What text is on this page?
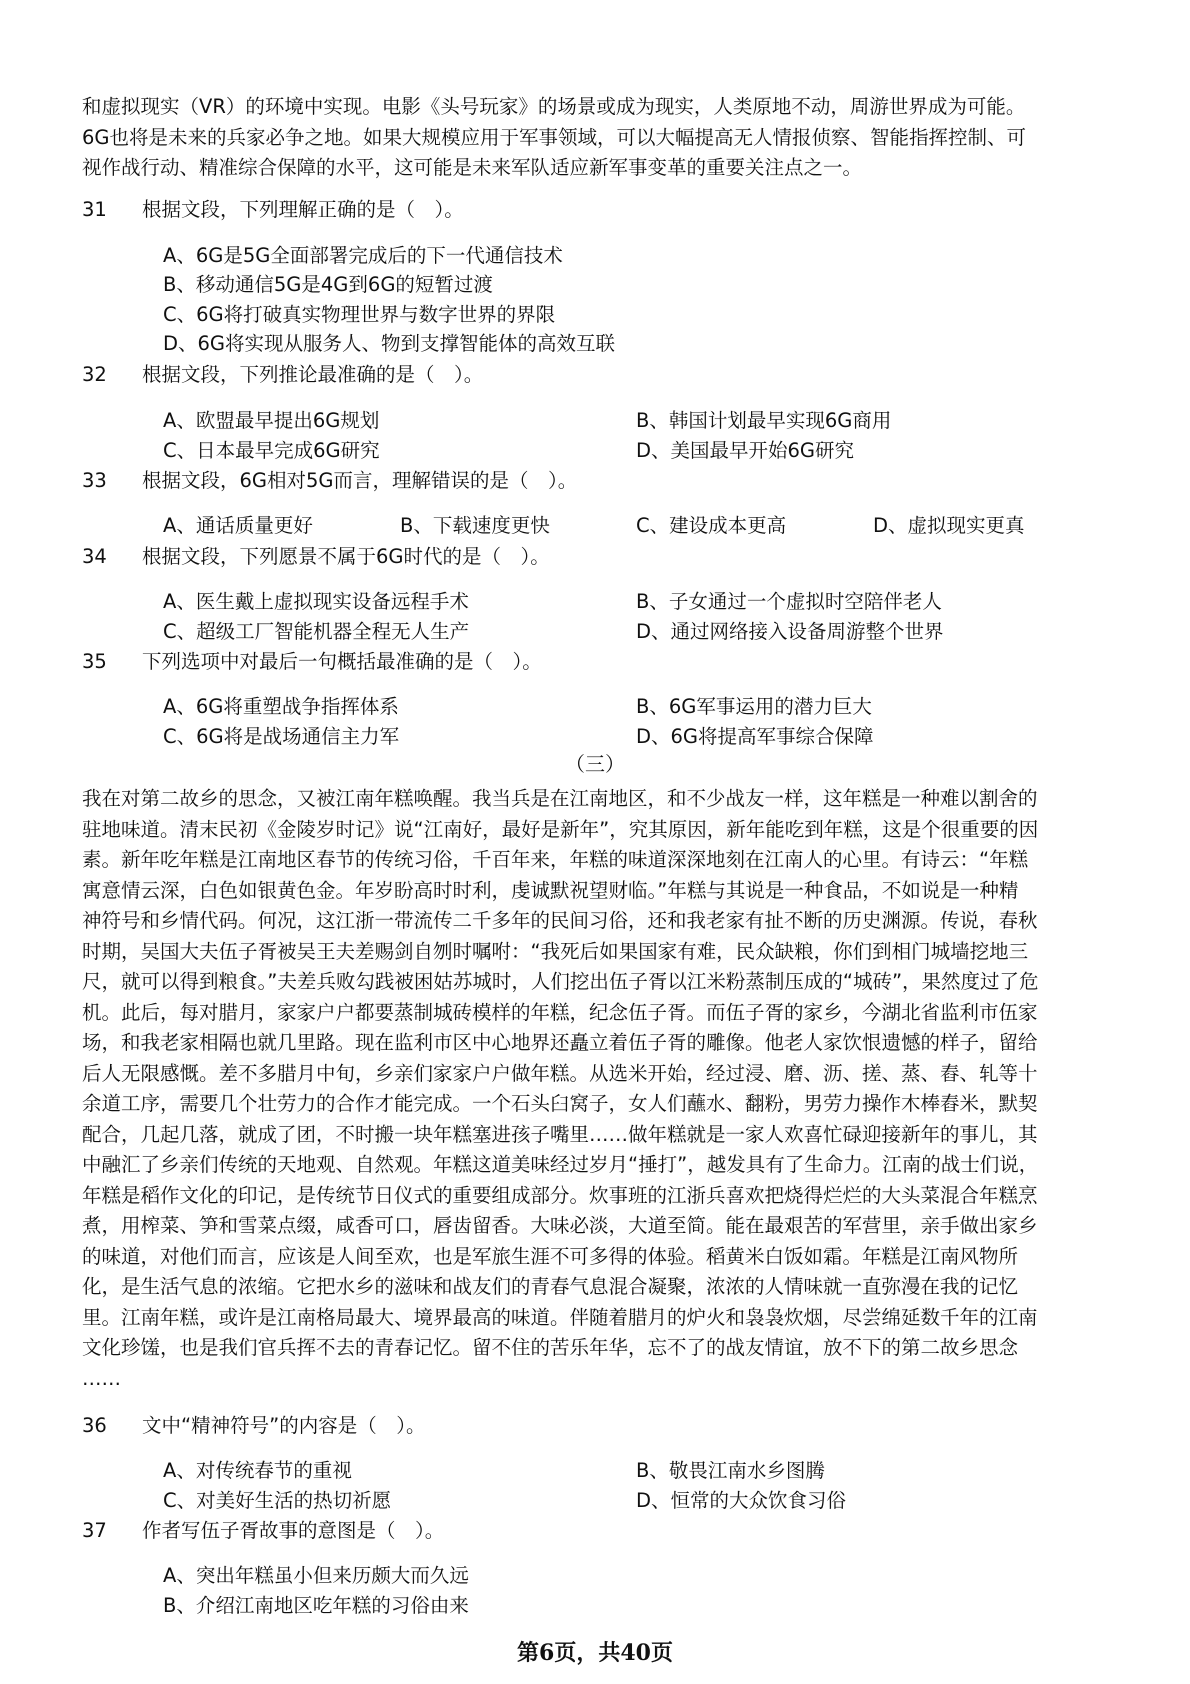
和虚拟现实（VR）的环境中实现。电影《头号玩家》的场景或成为现实，人类原地不动，周游世界成为可能。
6G也将是未来的兵家必争之地。如果大规模应用于军事领域，可以大幅提高无人情报侦察、智能指挥控制、可
视作战行动、精准综合保障的水平，这可能是未来军队适应新军事变革的重要关注点之一。
31 根据文段，下列理解正确的是（　）。
A、6G是5G全面部署完成后的下一代通信技术
B、移动通信5G是4G到6G的短暂过渡
C、6G将打破真实物理世界与数字世界的界限
D、6G将实现从服务人、物到支撑智能体的高效互联
32 根据文段，下列推论最准确的是（　）。
A、欧盟最早提出6G规划	B、韩国计划最早实现6G商用
C、日本最早完成6G研究	D、美国最早开始6G研究
33 根据文段，6G相对5G而言，理解错误的是（　）。
A、通话质量更好	B、下载速度更快	C、建设成本更高	D、虚拟现实更真
34 根据文段，下列愿景不属于6G时代的是（　）。
A、医生戴上虚拟现实设备远程手术	B、子女通过一个虚拟时空陪伴老人
C、超级工厂智能机器全程无人生产	D、通过网络接入设备周游整个世界
35 下列选项中对最后一句概括最准确的是（　）。
A、6G将重塑战争指挥体系	B、6G军事运用的潜力巨大
C、6G将是战场通信主力军	D、6G将提高军事综合保障
（三）
我在对第二故乡的思念，又被江南年糕唤醒。我当兵是在江南地区，和不少战友一样，这年糕是一种难以割舍的
驻地味道。清末民初《金陵岁时记》说“江南好，最好是新年”，究其原因，新年能吃到年糕，这是个很重要的因
素。新年吃年糕是江南地区春节的传统习俗，千百年来，年糕的味道深深地刻在江南人的心里。有诗云：“年糕
寓意情云深，白色如银黄色金。年岁盼高时时利，虔诚默祝望财临。”年糕与其说是一种食品，不如说是一种精
神符号和乡情代码。何况，这江浙一带流传二千多年的民间习俗，还和我老家有扯不断的历史渊源。传说，春秋
时期，吴国大夫伍子胥被吴王夫差赐剑自刎时嘱咐：“我死后如果国家有难，民众缺粮，你们到相门城墙挖地三
尺，就可以得到粮食。”夫差兵败勾践被困姑苏城时，人们挖出伍子胥以江米粉蒸制压成的“城砖”，果然度过了危
机。此后，每对腊月，家家户户都要蒸制城砖模样的年糕，纪念伍子胥。而伍子胥的家乡，今湖北省监利市伍家
场，和我老家相隔也就几里路。现在监利市区中心地界还矗立着伍子胥的雕像。他老人家饮恨遗憾的样子，留给
后人无限感慨。差不多腊月中旬，乡亲们家家户户做年糕。从选米开始，经过浸、磨、沥、搓、蒸、舂、轧等十
余道工序，需要几个壮劳力的合作才能完成。一个石头臼窝子，女人们蘸水、翻粉，男劳力操作木棒舂米，默契
配合，几起几落，就成了团，不时搬一块年糕塞进孩子嘴里……做年糕就是一家人欢喜忙碌迎接新年的事儿，其
中融汇了乡亲们传统的天地观、自然观。年糕这道美味经过岁月“捶打”，越发具有了生命力。江南的战士们说，
年糕是稻作文化的印记，是传统节日仪式的重要组成部分。炊事班的江浙兵喜欢把烧得烂烂的大头菜混合年糕烹
煮，用榨菜、笋和雪菜点缀，咸香可口，唇齿留香。大味必淡，大道至简。能在最艰苦的军营里，亲手做出家乡
的味道，对他们而言，应该是人间至欢，也是军旅生涯不可多得的体验。稻黄米白饭如霜。年糕是江南风物所
化，是生活气息的浓缩。它把水乡的滋味和战友们的青春气息混合凝聚，浓浓的人情味就一直弥漫在我的记忆
里。江南年糕，或许是江南格局最大、境界最高的味道。伴随着腊月的炉火和袅袅炊烟，尽尝绵延数千年的江南
文化珍馐，也是我们官兵挥不去的青春记忆。留不住的苦乐年华，忘不了的战友情谊，放不下的第二故乡思念
……
36 文中“精神符号”的内容是（　）。
A、对传统春节的重视	B、敬畏江南水乡图腾
C、对美好生活的热切祈愿	D、恒常的大众饮食习俗
37 作者写伍子胥故事的意图是（　）。
A、突出年糕虽小但来历颇大而久远
B、介绍江南地区吃年糕的习俗由来
第6页，共40页
